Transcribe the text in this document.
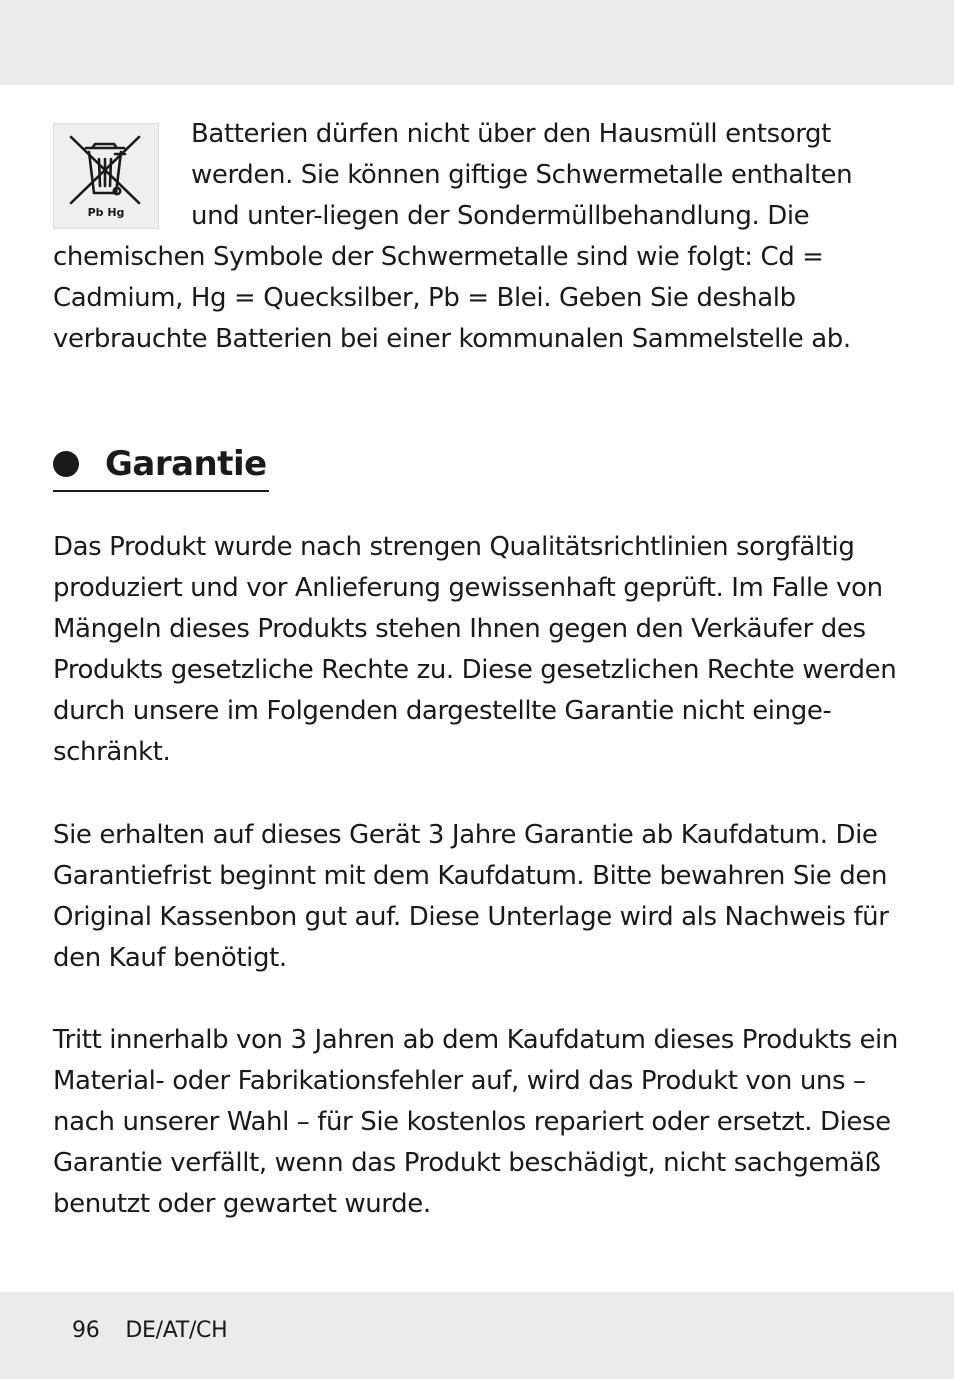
Pb Hg

Batterien dürfen nicht über den Hausmüll entsorgt werden. Sie können giftige Schwermetalle enthalten und unter-liegen der Sondermüllbehandlung. Die chemischen Symbole der Schwermetalle sind wie folgt: Cd = Cadmium, Hg = Quecksilber, Pb = Blei. Geben Sie deshalb verbrauchte Batterien bei einer kommunalen Sammelstelle ab.

Garantie

Das Produkt wurde nach strengen Qualitätsrichtlinien sorgfältig produziert und vor Anlieferung gewissenhaft geprüft. Im Falle von Mängeln dieses Produkts stehen Ihnen gegen den Verkäufer des Produkts gesetzliche Rechte zu. Diese gesetzlichen Rechte werden durch unsere im Folgenden dargestellte Garantie nicht einge-schränkt.

Sie erhalten auf dieses Gerät 3 Jahre Garantie ab Kaufdatum. Die Garantiefrist beginnt mit dem Kaufdatum. Bitte bewahren Sie den Original Kassenbon gut auf. Diese Unterlage wird als Nachweis für den Kauf benötigt.

Tritt innerhalb von 3 Jahren ab dem Kaufdatum dieses Produkts ein Material- oder Fabrikationsfehler auf, wird das Produkt von uns – nach unserer Wahl – für Sie kostenlos repariert oder ersetzt. Diese Garantie verfällt, wenn das Produkt beschädigt, nicht sachgemäß benutzt oder gewartet wurde.

96 DE/AT/CH
